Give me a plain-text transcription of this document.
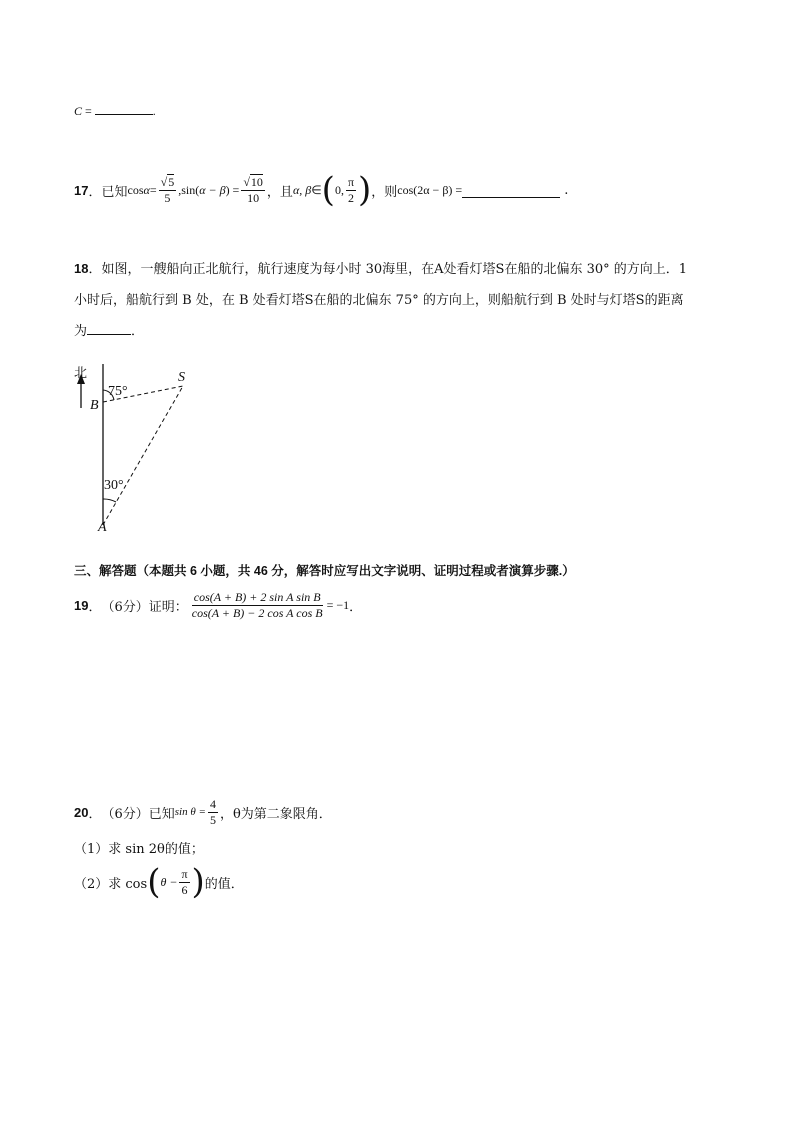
C =	.
17 ． 已知 $\cos \alpha = \frac{√5}{5} ,\sin$( α − β ) = $\frac{√10}{10}$ ，且 α, β ∈ ( 0, $\frac{\pi}{2}$ ) ，则 cos(2α − β) =	.
18．如图，一艘船向正北航行，航行速度为每小时 30海里，在A处看灯塔S在船的北偏东 30° 的方向上．1
小时后，船航行到 B 处，在 B 处看灯塔S在船的北偏东 75° 的方向上，则船航行到 B 处时与灯塔S的距离
为	．
北
B
S
A
75°
30°
三、解答题（本题共 6 小题，共 46 分，解答时应写出文字说明、证明过程或者演算步骤.）
19 ． （6分）证明： $\frac{\text{cos(A + B) + 2 sin A sin B}}{\text{cos(A + B) − 2 cos A cos B}} = -1$ ．
20 ． （6分）已知 $\sin \theta = \frac{4}{5}$ ，θ为第二象限角．
（1）求 sin 2θ的值；
（2）求 cos ( $\theta - \frac{\pi}{6}$ ) 的值．
